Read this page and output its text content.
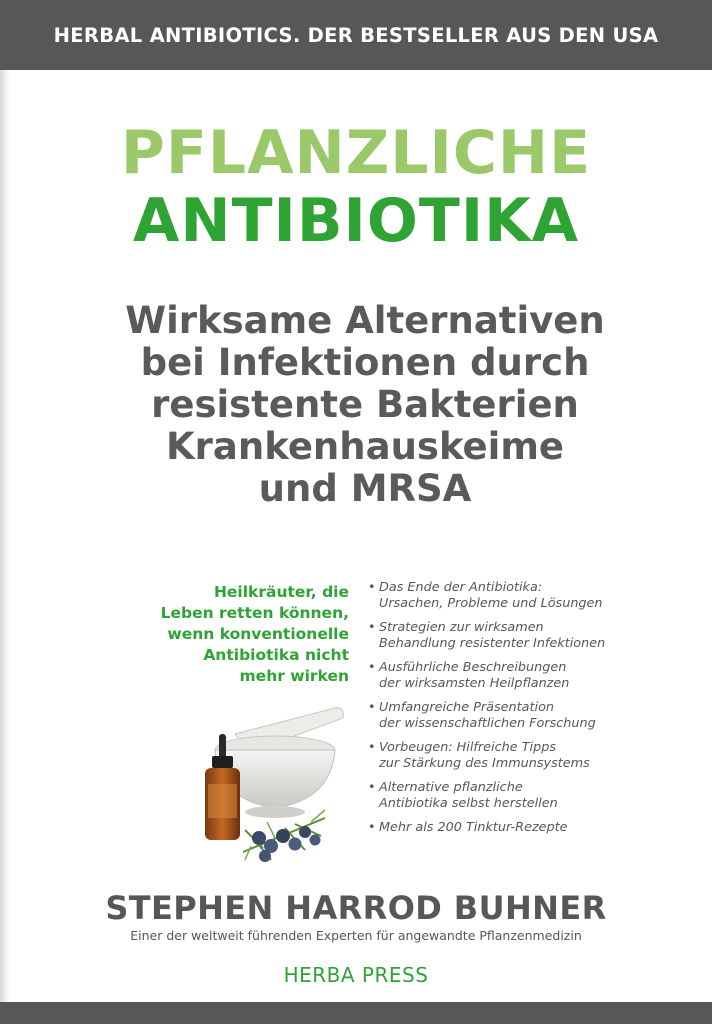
HERBAL ANTIBIOTICS. DER BESTSELLER AUS DEN USA
PFLANZLICHE
ANTIBIOTIKA
Wirksame Alternativen
bei Infektionen durch
resistente Bakterien
Krankenhauskeime
und MRSA
Heilkräuter, die
Leben retten können,
wenn konventionelle
Antibiotika nicht
mehr wirken
• Das Ende der Antibiotika:
Ursachen, Probleme und Lösungen
• Strategien zur wirksamen
Behandlung resistenter Infektionen
• Ausführliche Beschreibungen
der wirksamsten Heilpflanzen
• Umfangreiche Präsentation
der wissenschaftlichen Forschung
• Vorbeugen: Hilfreiche Tipps
zur Stärkung des Immunsystems
• Alternative pflanzliche
Antibiotika selbst herstellen
• Mehr als 200 Tinktur-Rezepte
STEPHEN HARROD BUHNER
Einer der weltweit führenden Experten für angewandte Pflanzenmedizin
HERBA PRESS
